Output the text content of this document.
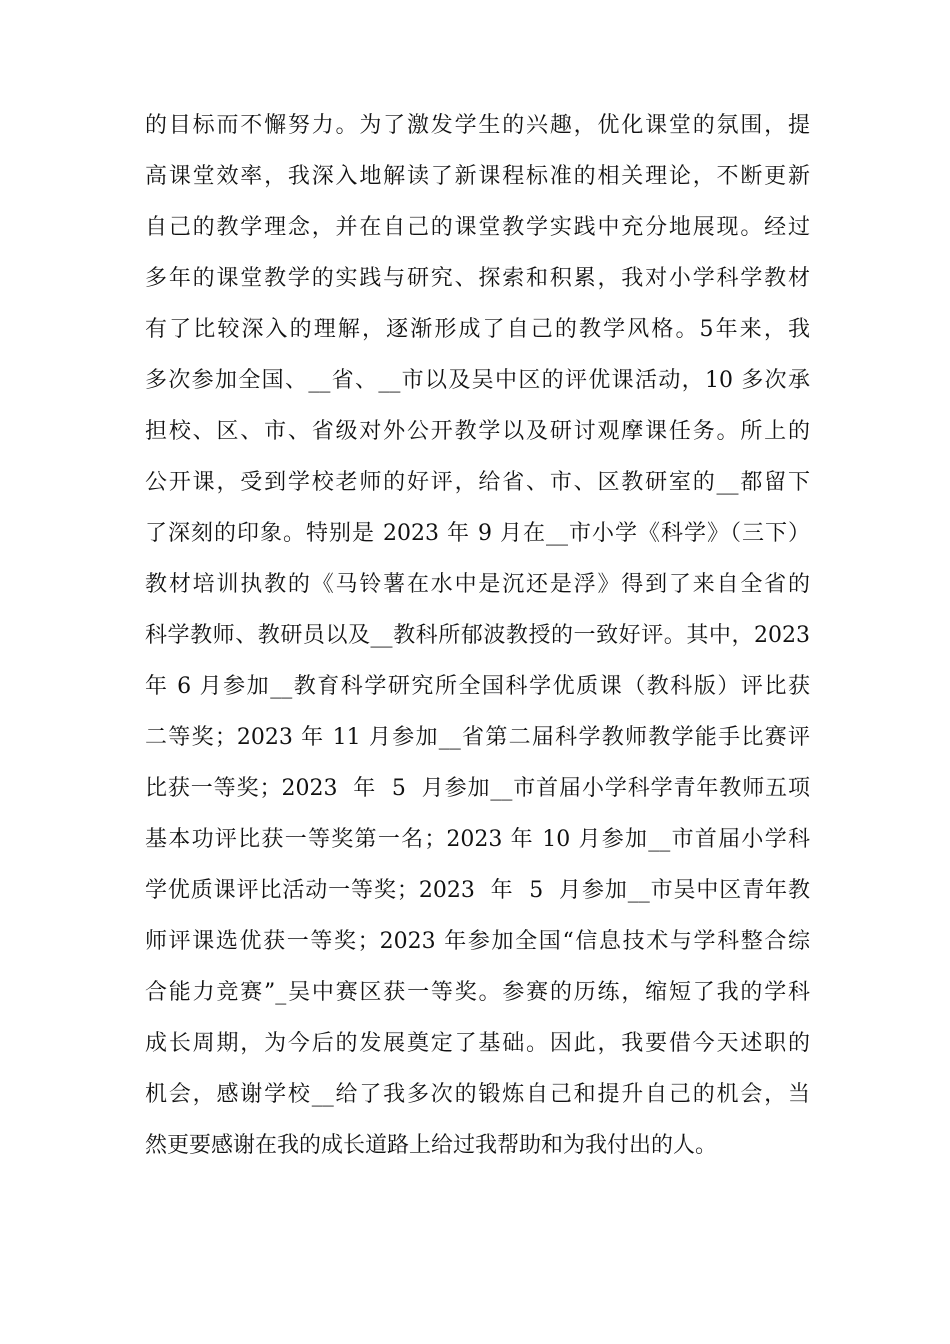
的目标而不懈努力。为了激发学生的兴趣，优化课堂的氛围，提
高课堂效率，我深入地解读了新课程标准的相关理论，不断更新
自己的教学理念，并在自己的课堂教学实践中充分地展现。经过
多年的课堂教学的实践与研究、探索和积累，我对小学科学教材
有了比较深入的理解，逐渐形成了自己的教学风格。5年来，我
多次参加全国、__省、__市以及吴中区的评优课活动，10 多次承
担校、区、市、省级对外公开教学以及研讨观摩课任务。所上的
公开课，受到学校老师的好评，给省、市、区教研室的__都留下
了深刻的印象。特别是 2023 年 9 月在__市小学《科学》（三下）
教材培训执教的《马铃薯在水中是沉还是浮》得到了来自全省的
科学教师、教研员以及__教科所郁波教授的一致好评。其中，2023
年 6 月参加__教育科学研究所全国科学优质课（教科版）评比获
二等奖；2023 年 11 月参加__省第二届科学教师教学能手比赛评
比获一等奖；2023  年  5  月参加__市首届小学科学青年教师五项
基本功评比获一等奖第一名；2023 年 10 月参加__市首届小学科
学优质课评比活动一等奖；2023  年  5  月参加__市吴中区青年教
师评课选优获一等奖；2023 年参加全国“信息技术与学科整合综
合能力竞赛”_吴中赛区获一等奖。参赛的历练，缩短了我的学科
成长周期，为今后的发展奠定了基础。因此，我要借今天述职的
机会，感谢学校__给了我多次的锻炼自己和提升自己的机会，当
然更要感谢在我的成长道路上给过我帮助和为我付出的人。
